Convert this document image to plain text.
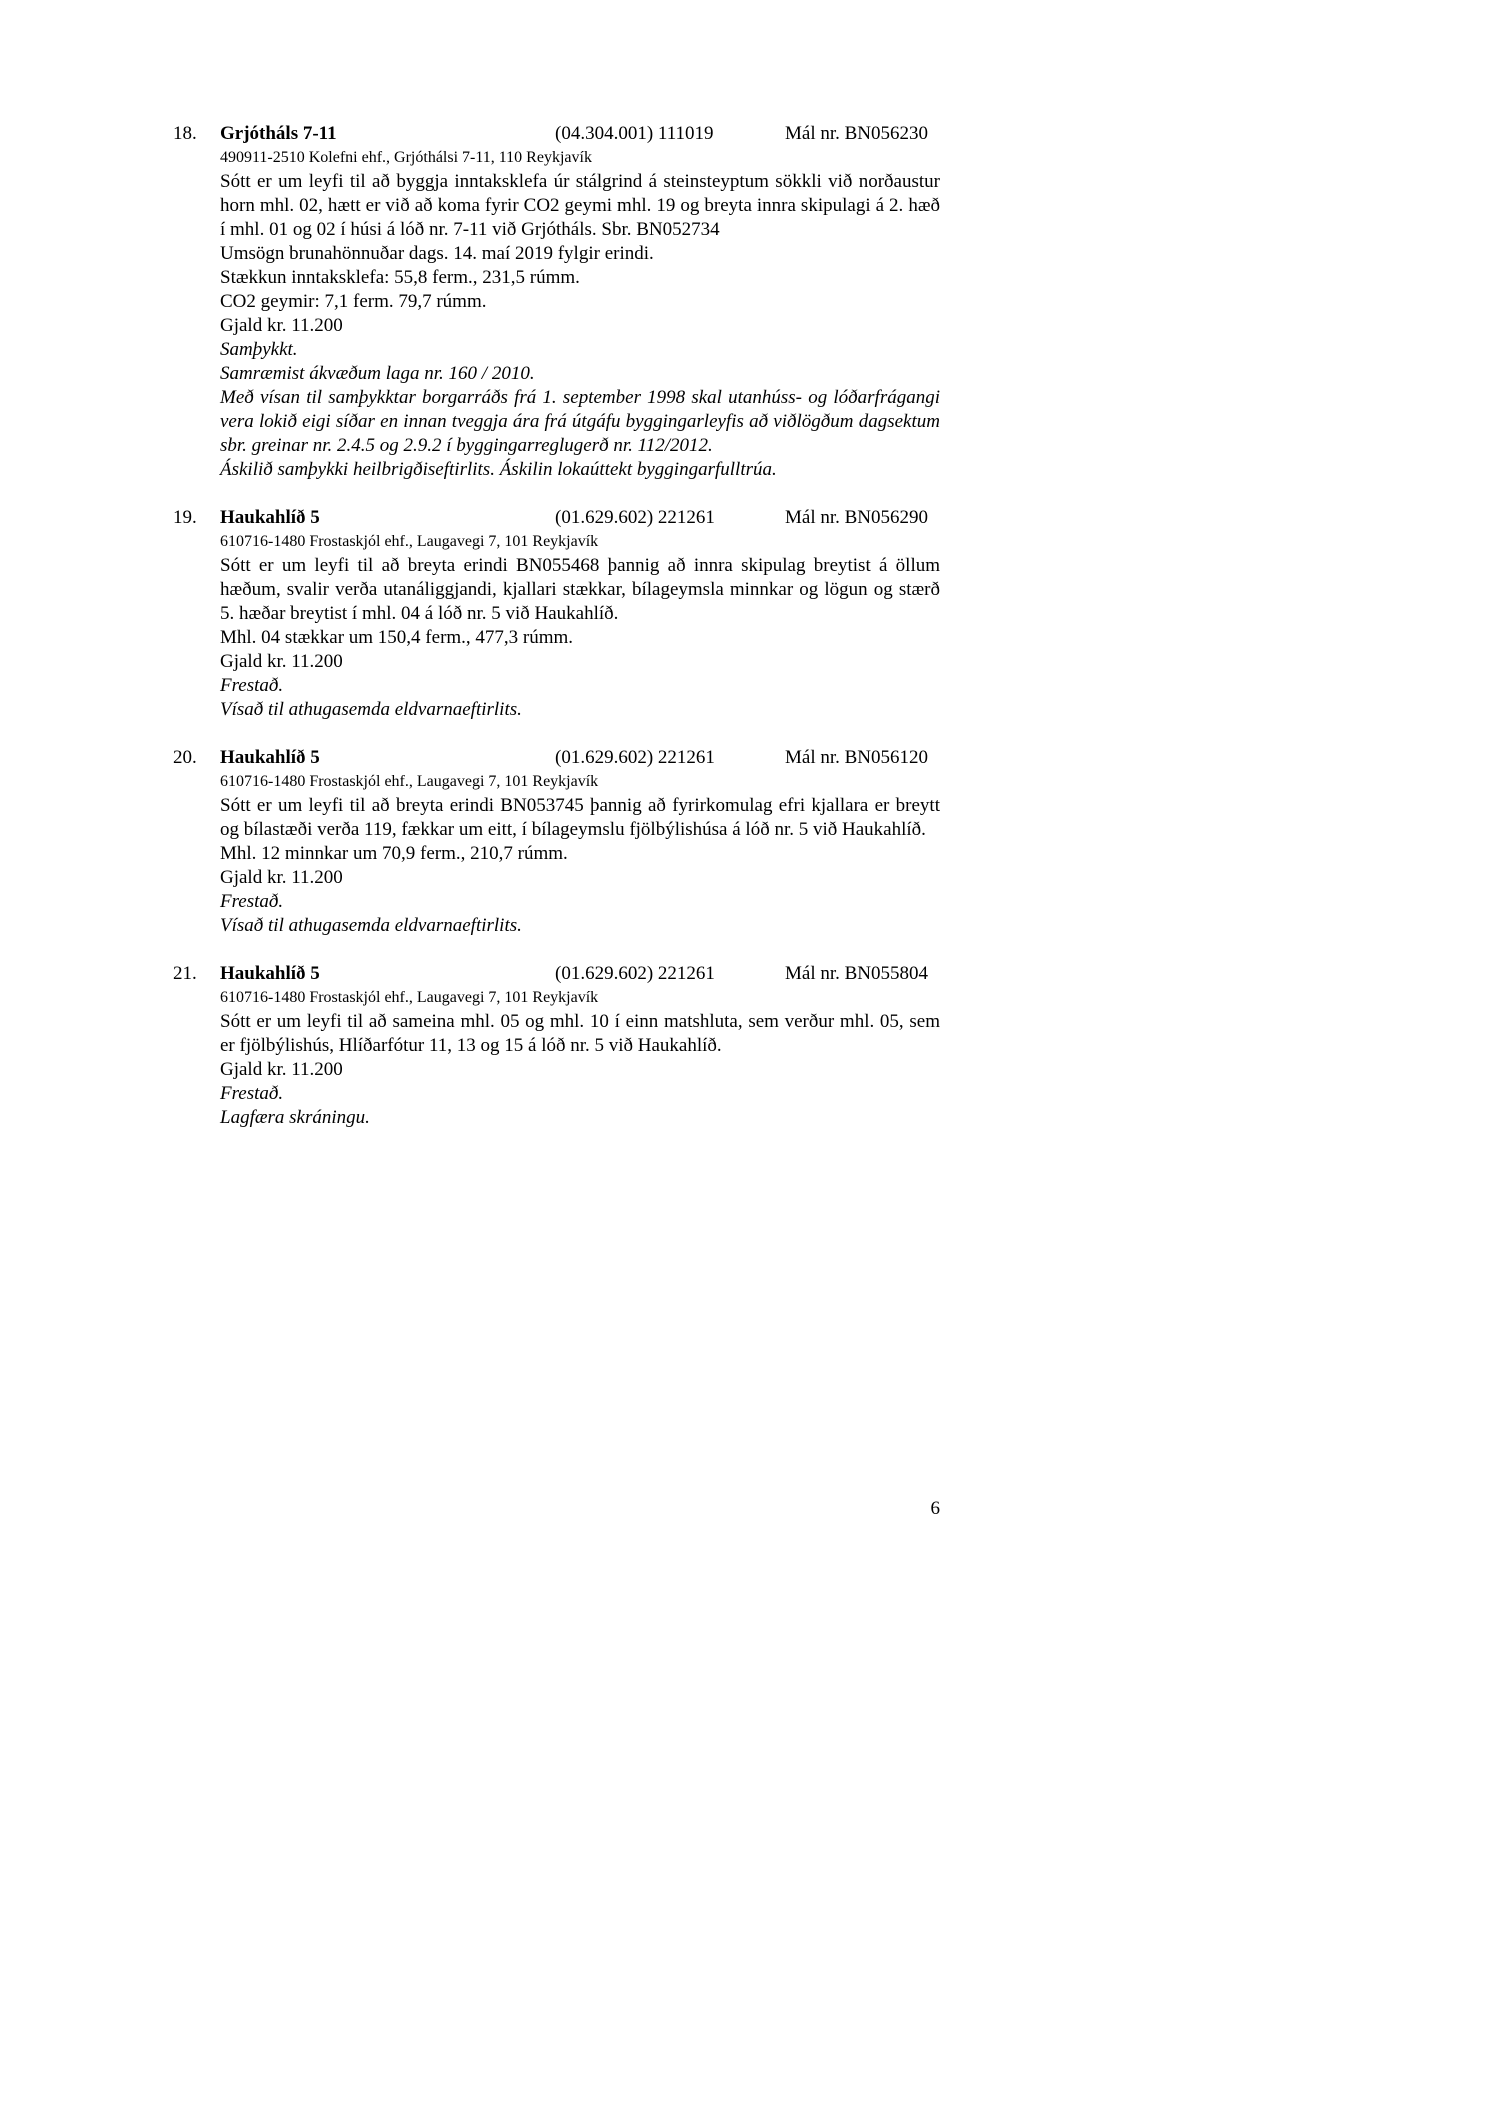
18.	Grjótháls 7-11	(04.304.001) 111019	Mál nr. BN056230

490911-2510 Kolefni ehf., Grjóthálsi 7-11, 110 Reykjavík

Sótt er um leyfi til að byggja inntaksklefa úr stálgrind á steinsteyptum sökkli við norðaustur horn mhl. 02, hætt er við að koma fyrir CO2 geymi mhl. 19 og breyta innra skipulagi á 2. hæð í mhl. 01 og 02 í húsi á lóð nr. 7-11 við Grjótháls. Sbr. BN052734

Umsögn brunahönnuðar dags. 14. maí 2019 fylgir erindi.

Stækkun inntaksklefa: 55,8 ferm., 231,5 rúmm.

CO2 geymir: 7,1 ferm. 79,7 rúmm.

Gjald kr. 11.200

Samþykkt.

Samræmist ákvæðum laga nr. 160 / 2010.

Með vísan til samþykktar borgarráðs frá 1. september 1998 skal utanhúss- og lóðarfrágangi vera lokið eigi síðar en innan tveggja ára frá útgáfu byggingarleyfis að viðlögðum dagsektum sbr. greinar nr. 2.4.5 og 2.9.2 í byggingarreglugerð nr. 112/2012.

Áskilið samþykki heilbrigðiseftirlits. Áskilin lokaúttekt byggingarfulltrúa.

19.	Haukahlíð 5	(01.629.602) 221261	Mál nr. BN056290

610716-1480 Frostaskjól ehf., Laugavegi 7, 101 Reykjavík

Sótt er um leyfi til að breyta erindi BN055468 þannig að innra skipulag breytist á öllum hæðum, svalir verða utanáliggjandi, kjallari stækkar, bílageymsla minnkar og lögun og stærð 5. hæðar breytist í mhl. 04 á lóð nr. 5 við Haukahlíð.

Mhl. 04 stækkar um 150,4 ferm., 477,3 rúmm.

Gjald kr. 11.200

Frestað.

Vísað til athugasemda eldvarnaeftirlits.

20.	Haukahlíð 5	(01.629.602) 221261	Mál nr. BN056120

610716-1480 Frostaskjól ehf., Laugavegi 7, 101 Reykjavík

Sótt er um leyfi til að breyta erindi BN053745 þannig að fyrirkomulag efri kjallara er breytt og bílastæði verða 119, fækkar um eitt, í bílageymslu fjölbýlishúsa á lóð nr. 5 við Haukahlíð.

Mhl. 12 minnkar um 70,9 ferm., 210,7 rúmm.

Gjald kr. 11.200

Frestað.

Vísað til athugasemda eldvarnaeftirlits.

21.	Haukahlíð 5	(01.629.602) 221261	Mál nr. BN055804

610716-1480 Frostaskjól ehf., Laugavegi 7, 101 Reykjavík

Sótt er um leyfi til að sameina mhl. 05 og mhl. 10 í einn matshluta, sem verður mhl. 05, sem er fjölbýlishús, Hlíðarfótur 11, 13 og 15 á lóð nr. 5 við Haukahlíð.

Gjald kr. 11.200

Frestað.

Lagfæra skráningu.

6
